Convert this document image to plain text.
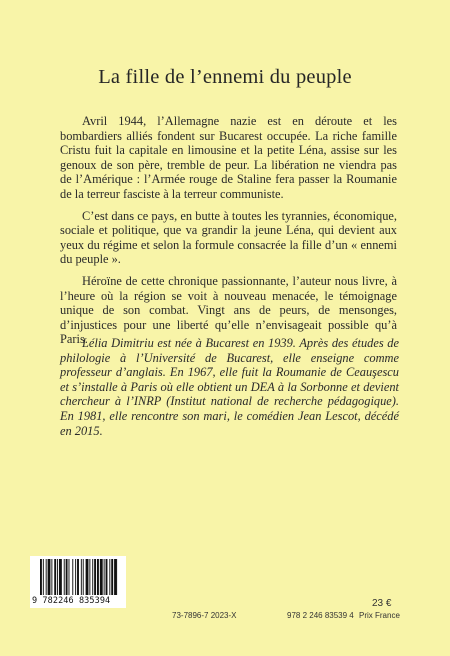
La fille de l’ennemi du peuple

Avril 1944, l’Allemagne nazie est en déroute et les bombardiers alliés fondent sur Bucarest occupée. La riche famille Cristu fuit la capitale en limousine et la petite Léna, assise sur les genoux de son père, tremble de peur. La libération ne viendra pas de l’Amérique : l’Armée rouge de Staline fera passer la Roumanie de la terreur fasciste à la terreur communiste.

C’est dans ce pays, en butte à toutes les tyrannies, économique, sociale et politique, que va grandir la jeune Léna, qui devient aux yeux du régime et selon la formule consacrée la fille d’un « ennemi du peuple ».

Héroïne de cette chronique passionnante, l’auteur nous livre, à l’heure où la région se voit à nouveau menacée, le témoignage unique de son combat. Vingt ans de peurs, de mensonges, d’injustices pour une liberté qu’elle n’envisageait possible qu’à Paris.

Lélia Dimitriu est née à Bucarest en 1939. Après des études de philologie à l’Université de Bucarest, elle enseigne comme professeur d’anglais. En 1967, elle fuit la Roumanie de Ceauşescu et s’installe à Paris où elle obtient un DEA à la Sorbonne et devient chercheur à l’INRP (Institut national de recherche pédagogique). En 1981, elle rencontre son mari, le comédien Jean Lescot, décédé en 2015.

9 782246 835394
73-7896-7 2023-X	978 2 246 83539 4
23 €
Prix France
